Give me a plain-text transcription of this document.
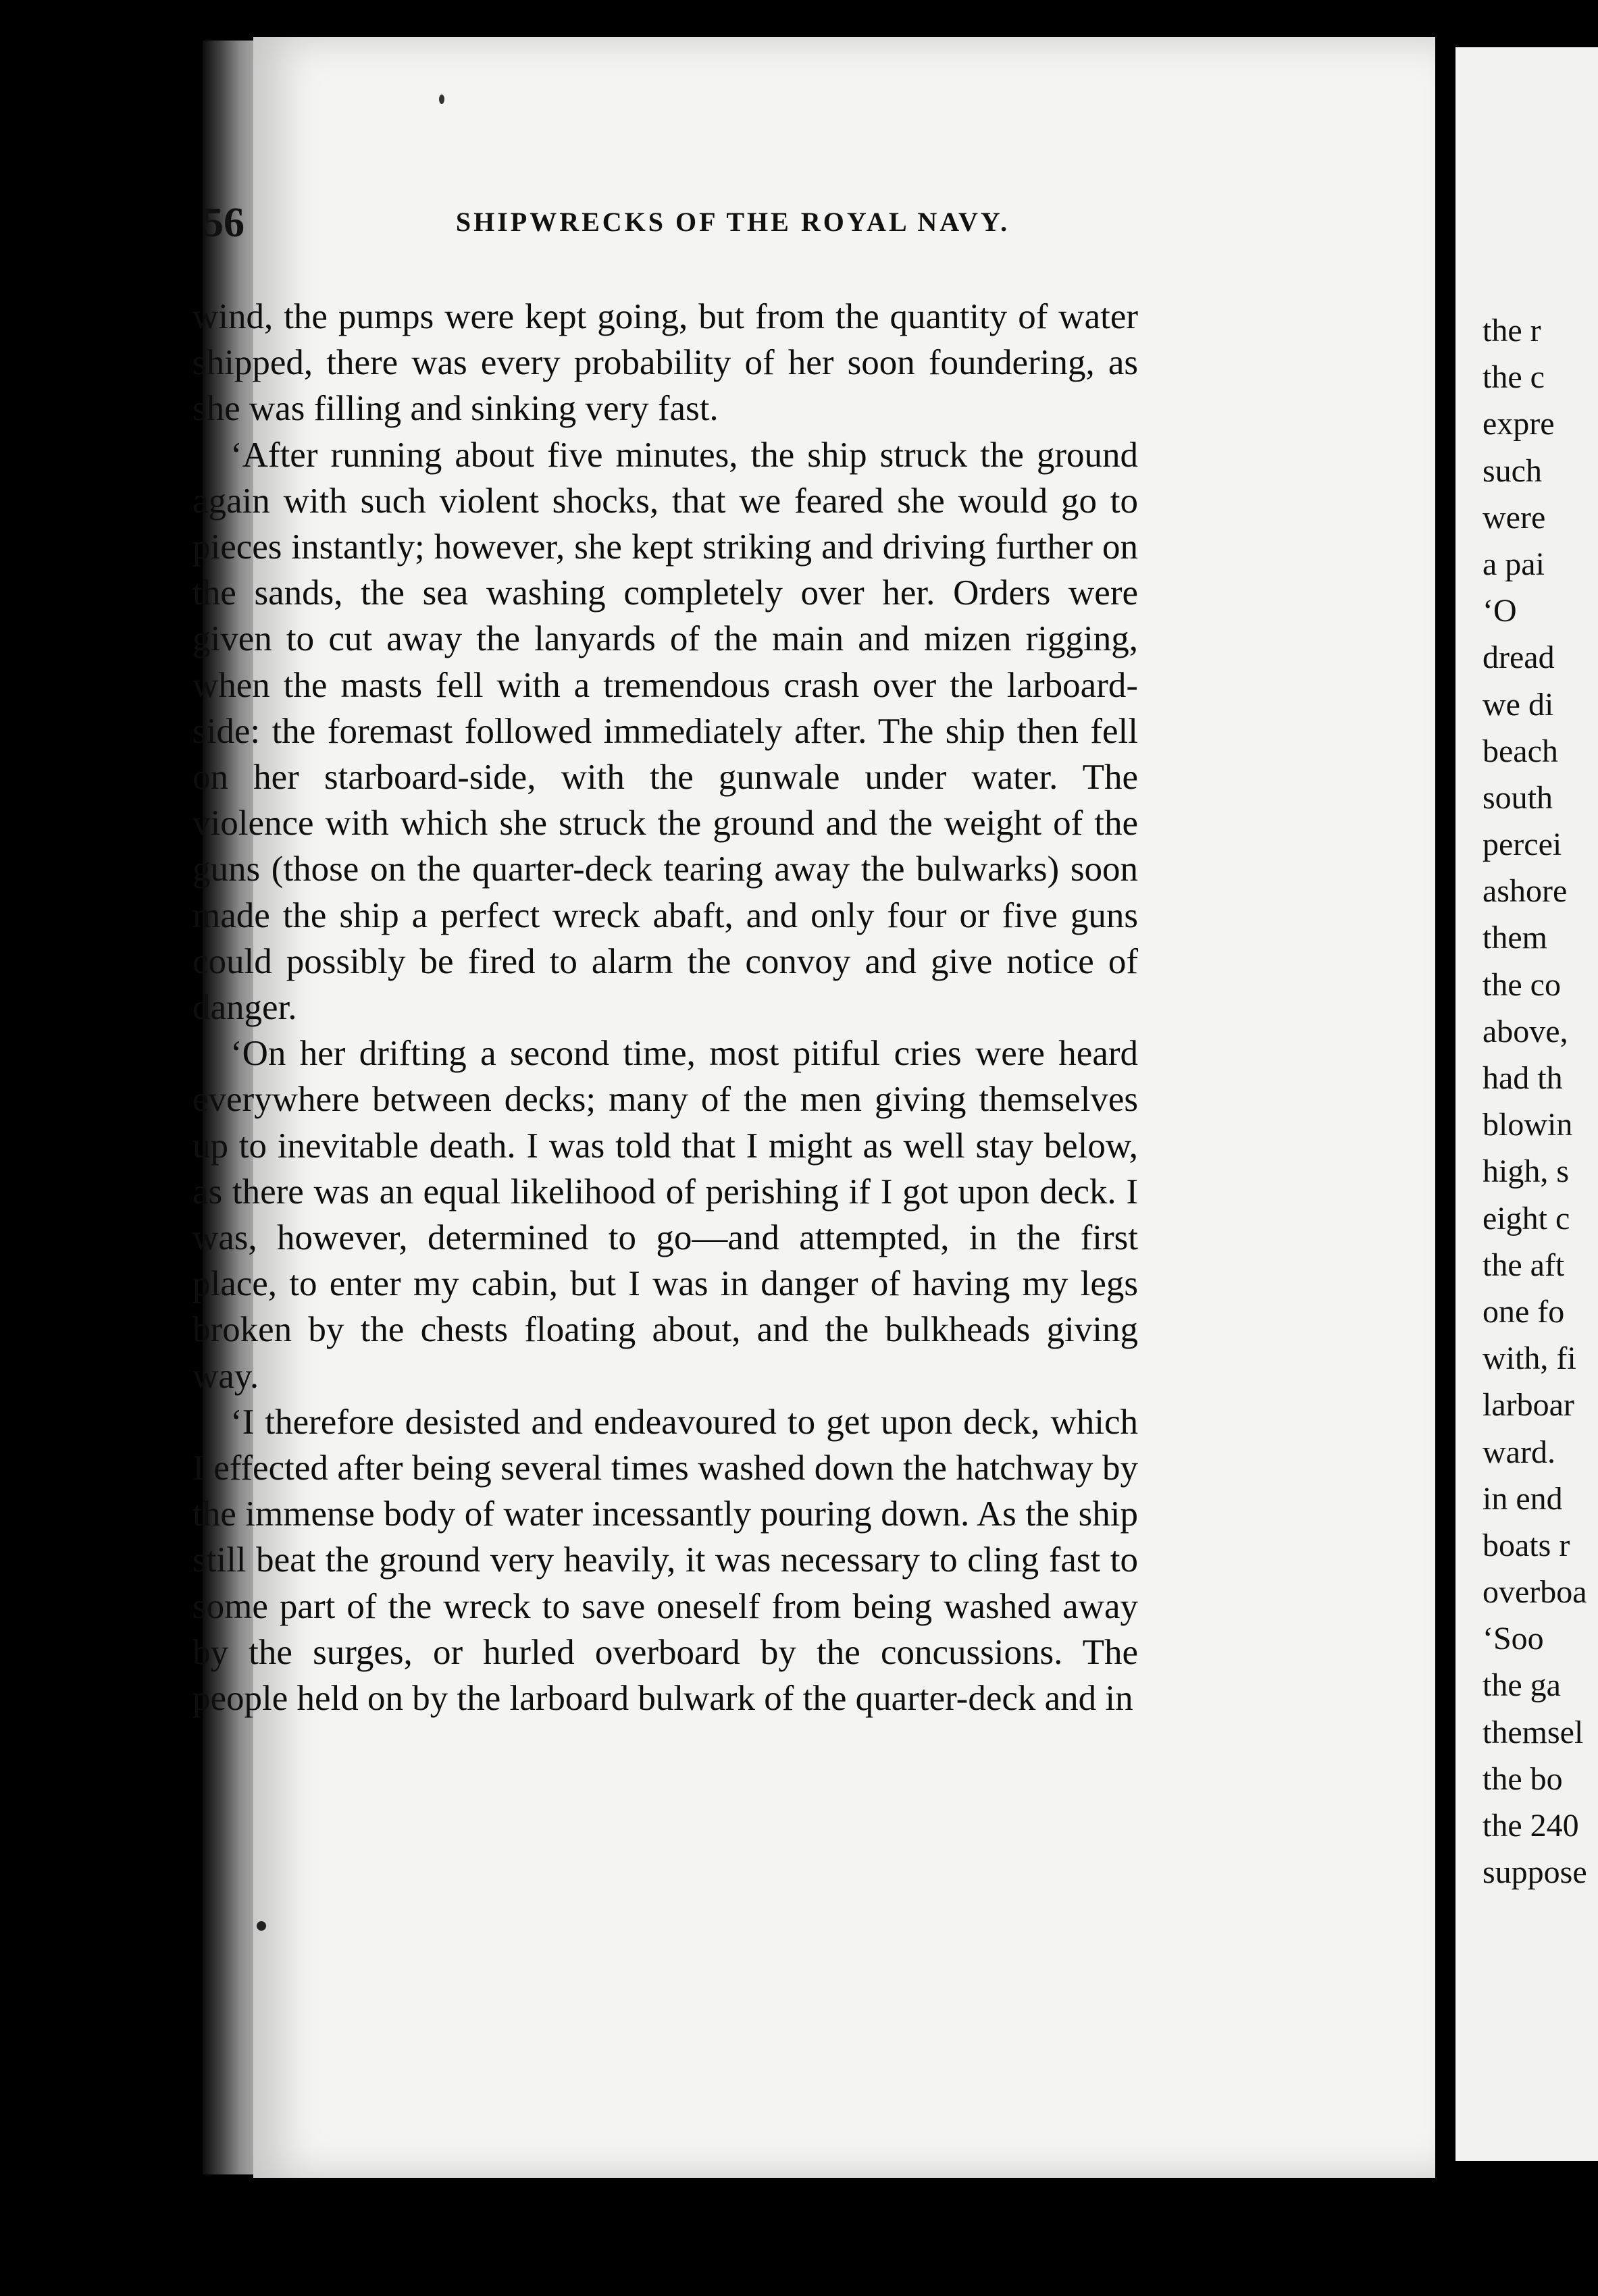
56	SHIPWRECKS OF THE ROYAL NAVY.

wind, the pumps were kept going, but from the quantity of water shipped, there was every probability of her soon foundering, as she was filling and sinking very fast.

‘After running about five minutes, the ship struck the ground again with such violent shocks, that we feared she would go to pieces instantly; however, she kept striking and driving further on the sands, the sea washing completely over her. Orders were given to cut away the lanyards of the main and mizen rigging, when the masts fell with a tremendous crash over the larboard-side: the foremast followed immediately after. The ship then fell on her starboard-side, with the gunwale under water. The violence with which she struck the ground and the weight of the guns (those on the quarter-deck tearing away the bulwarks) soon made the ship a perfect wreck abaft, and only four or five guns could possibly be fired to alarm the convoy and give notice of danger.

‘On her drifting a second time, most pitiful cries were heard everywhere between decks; many of the men giving themselves up to inevitable death. I was told that I might as well stay below, as there was an equal likelihood of perishing if I got upon deck. I was, however, determined to go—and attempted, in the first place, to enter my cabin, but I was in danger of having my legs broken by the chests floating about, and the bulkheads giving way.

‘I therefore desisted and endeavoured to get upon deck, which I effected after being several times washed down the hatchway by the immense body of water incessantly pouring down. As the ship still beat the ground very heavily, it was necessary to cling fast to some part of the wreck to save oneself from being washed away by the surges, or hurled overboard by the concussions. The people held on by the larboard bulwark of the quarter-deck and in

the r
the c
expre
such
were
a pai
‘O
dread
we di
beach
south
percei
ashore
them
the co
above,
had th
blowin
high, s
eight c
the aft
one fo
with, fi
larboar
ward.
in end
boats r
overboa
‘Soo
the ga
themsel
the bo
the 240
suppose
